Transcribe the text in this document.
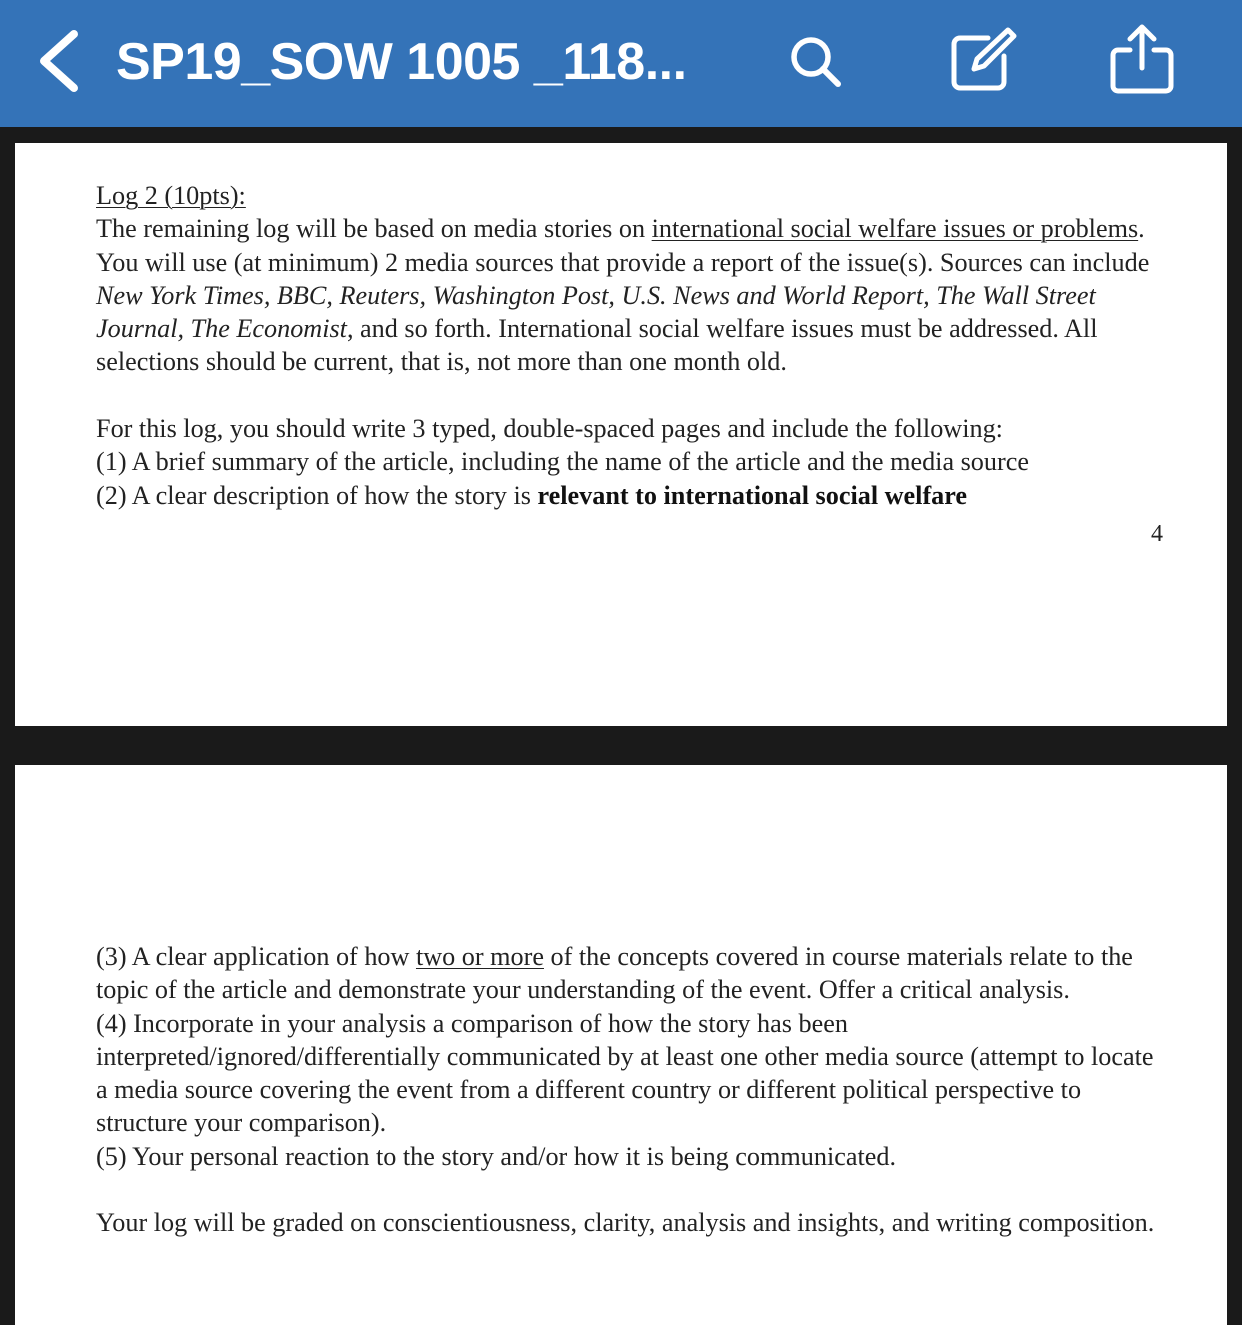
SP19_SOW 1005 _118...

Log 2 (10pts):

The remaining log will be based on media stories on international social welfare issues or problems. You will use (at minimum) 2 media sources that provide a report of the issue(s). Sources can include New York Times, BBC, Reuters, Washington Post, U.S. News and World Report, The Wall Street Journal, The Economist, and so forth. International social welfare issues must be addressed. All selections should be current, that is, not more than one month old.

For this log, you should write 3 typed, double-spaced pages and include the following:

(1) A brief summary of the article, including the name of the article and the media source

(2) A clear description of how the story is relevant to international social welfare

4

(3) A clear application of how two or more of the concepts covered in course materials relate to the topic of the article and demonstrate your understanding of the event. Offer a critical analysis.

(4) Incorporate in your analysis a comparison of how the story has been interpreted/ignored/differentially communicated by at least one other media source (attempt to locate a media source covering the event from a different country or different political perspective to structure your comparison).

(5) Your personal reaction to the story and/or how it is being communicated.

Your log will be graded on conscientiousness, clarity, analysis and insights, and writing composition.
